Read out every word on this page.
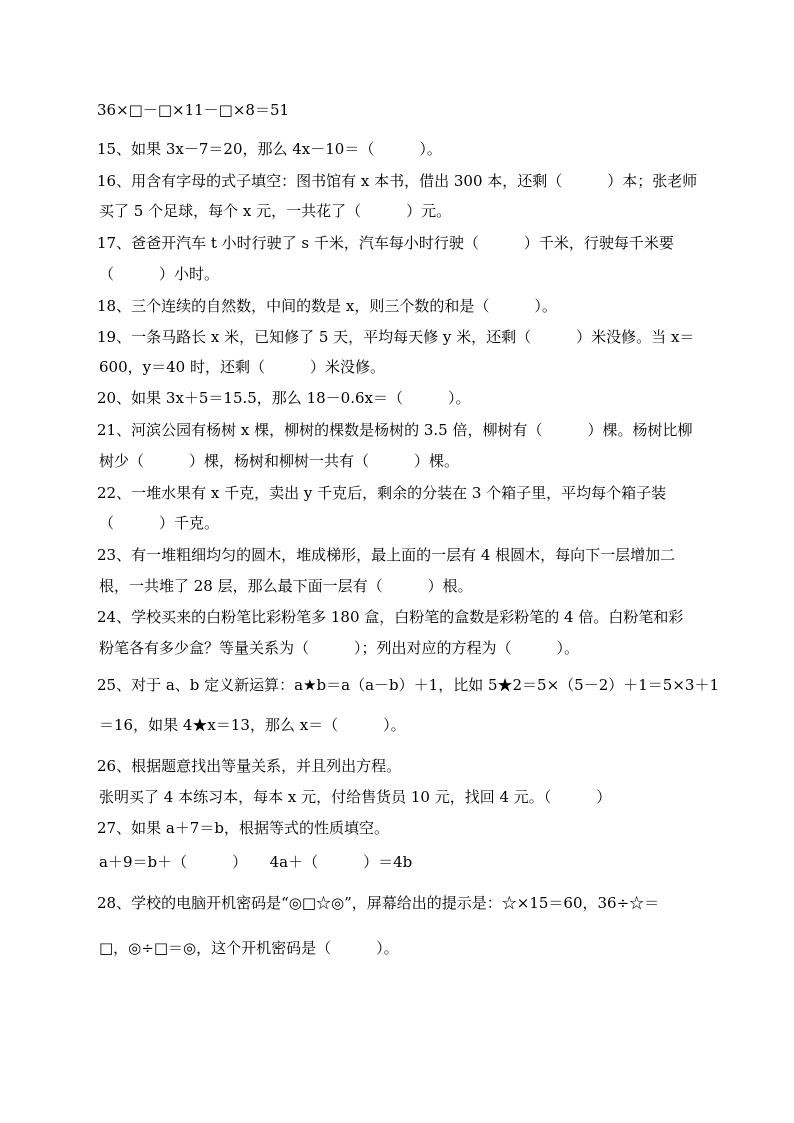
36×□－□×11－□×8＝51
15、如果 3x－7＝20，那么 4x－10＝（　　　）。
16、用含有字母的式子填空：图书馆有 x 本书，借出 300 本，还剩（　　　）本；张老师
买了 5 个足球，每个 x 元，一共花了（　　　）元。
17、爸爸开汽车 t 小时行驶了 s 千米，汽车每小时行驶（　　　）千米，行驶每千米要
（　　　）小时。
18、三个连续的自然数，中间的数是 x，则三个数的和是（　　　）。
19、一条马路长 x 米，已知修了 5 天，平均每天修 y 米，还剩（　　　）米没修。当 x＝
600，y＝40 时，还剩（　　　）米没修。
20、如果 3x＋5＝15.5，那么 18－0.6x＝（　　　）。
21、河滨公园有杨树 x 棵，柳树的棵数是杨树的 3.5 倍，柳树有（　　　）棵。杨树比柳
树少（　　　）棵，杨树和柳树一共有（　　　）棵。
22、一堆水果有 x 千克，卖出 y 千克后，剩余的分装在 3 个箱子里，平均每个箱子装
（　　　）千克。
23、有一堆粗细均匀的圆木，堆成梯形，最上面的一层有 4 根圆木，每向下一层增加二
根，一共堆了 28 层，那么最下面一层有（　　　）根。
24、学校买来的白粉笔比彩粉笔多 180 盒，白粉笔的盒数是彩粉笔的 4 倍。白粉笔和彩
粉笔各有多少盒？等量关系为（　　　）；列出对应的方程为（　　　）。
25、对于 a、b 定义新运算：a★b＝a（a－b）＋1，比如 5★2＝5×（5－2）＋1＝5×3＋1
＝16，如果 4★x＝13，那么 x＝（　　　）。
26、根据题意找出等量关系，并且列出方程。
张明买了 4 本练习本，每本 x 元，付给售货员 10 元，找回 4 元。（　　　）
27、如果 a＋7＝b，根据等式的性质填空。
a＋9＝b＋（　　　）　　4a＋（　　　）＝4b
28、学校的电脑开机密码是“◎□☆◎”，屏幕给出的提示是：☆×15＝60，36÷☆＝
□，◎÷□＝◎，这个开机密码是（　　　）。
